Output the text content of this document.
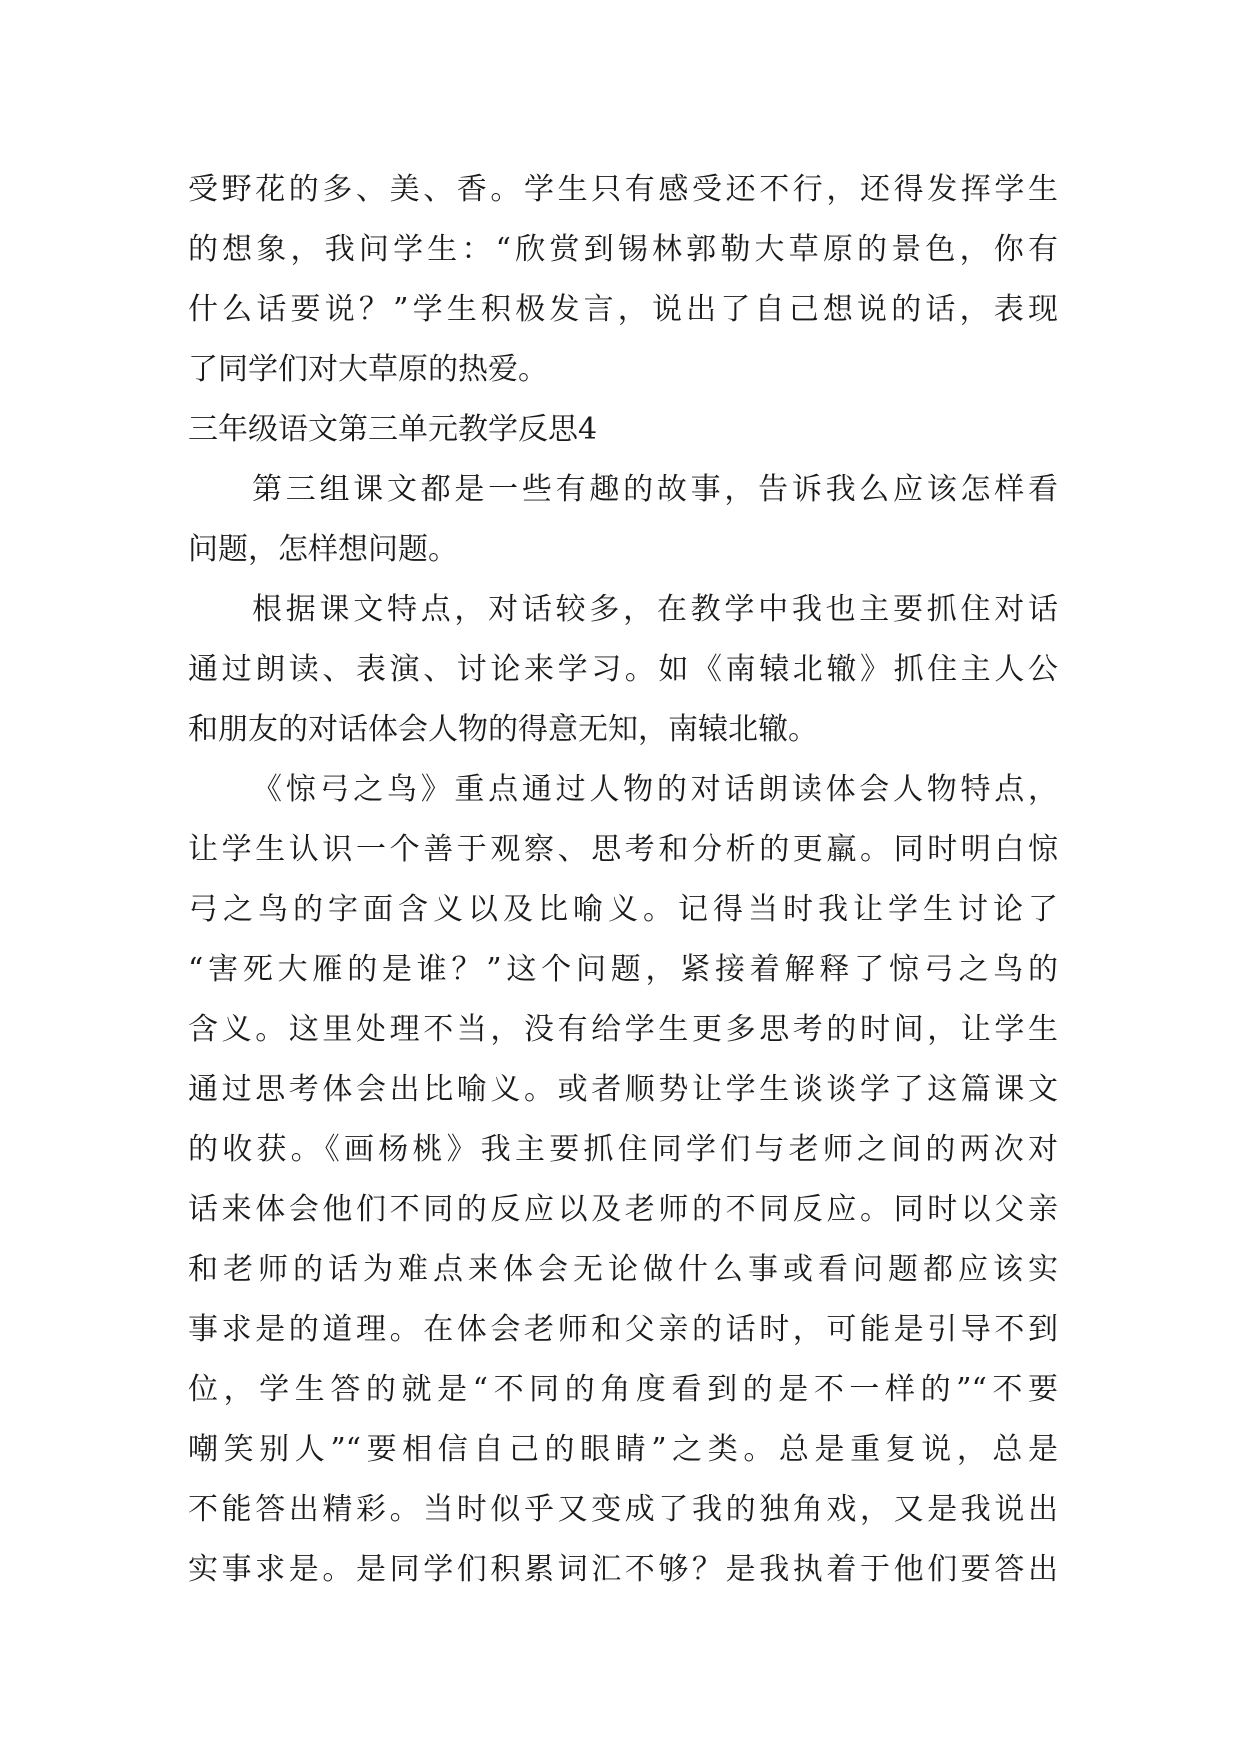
受野花的多、美、香。学生只有感受还不行，还得发挥学生
的想象，我问学生：“欣赏到锡林郭勒大草原的景色，你有
什么话要说？”学生积极发言，说出了自己想说的话，表现
了同学们对大草原的热爱。
三年级语文第三单元教学反思4
第三组课文都是一些有趣的故事，告诉我么应该怎样看
问题，怎样想问题。
根据课文特点，对话较多，在教学中我也主要抓住对话
通过朗读、表演、讨论来学习。如《南辕北辙》抓住主人公
和朋友的对话体会人物的得意无知，南辕北辙。
《惊弓之鸟》重点通过人物的对话朗读体会人物特点，
让学生认识一个善于观察、思考和分析的更羸。同时明白惊
弓之鸟的字面含义以及比喻义。记得当时我让学生讨论了
“害死大雁的是谁？”这个问题，紧接着解释了惊弓之鸟的
含义。这里处理不当，没有给学生更多思考的时间，让学生
通过思考体会出比喻义。或者顺势让学生谈谈学了这篇课文
的收获。《画杨桃》我主要抓住同学们与老师之间的两次对
话来体会他们不同的反应以及老师的不同反应。同时以父亲
和老师的话为难点来体会无论做什么事或看问题都应该实
事求是的道理。在体会老师和父亲的话时，可能是引导不到
位，学生答的就是“不同的角度看到的是不一样的”“不要
嘲笑别人”“要相信自己的眼睛”之类。总是重复说，总是
不能答出精彩。当时似乎又变成了我的独角戏，又是我说出
实事求是。是同学们积累词汇不够？是我执着于他们要答出
